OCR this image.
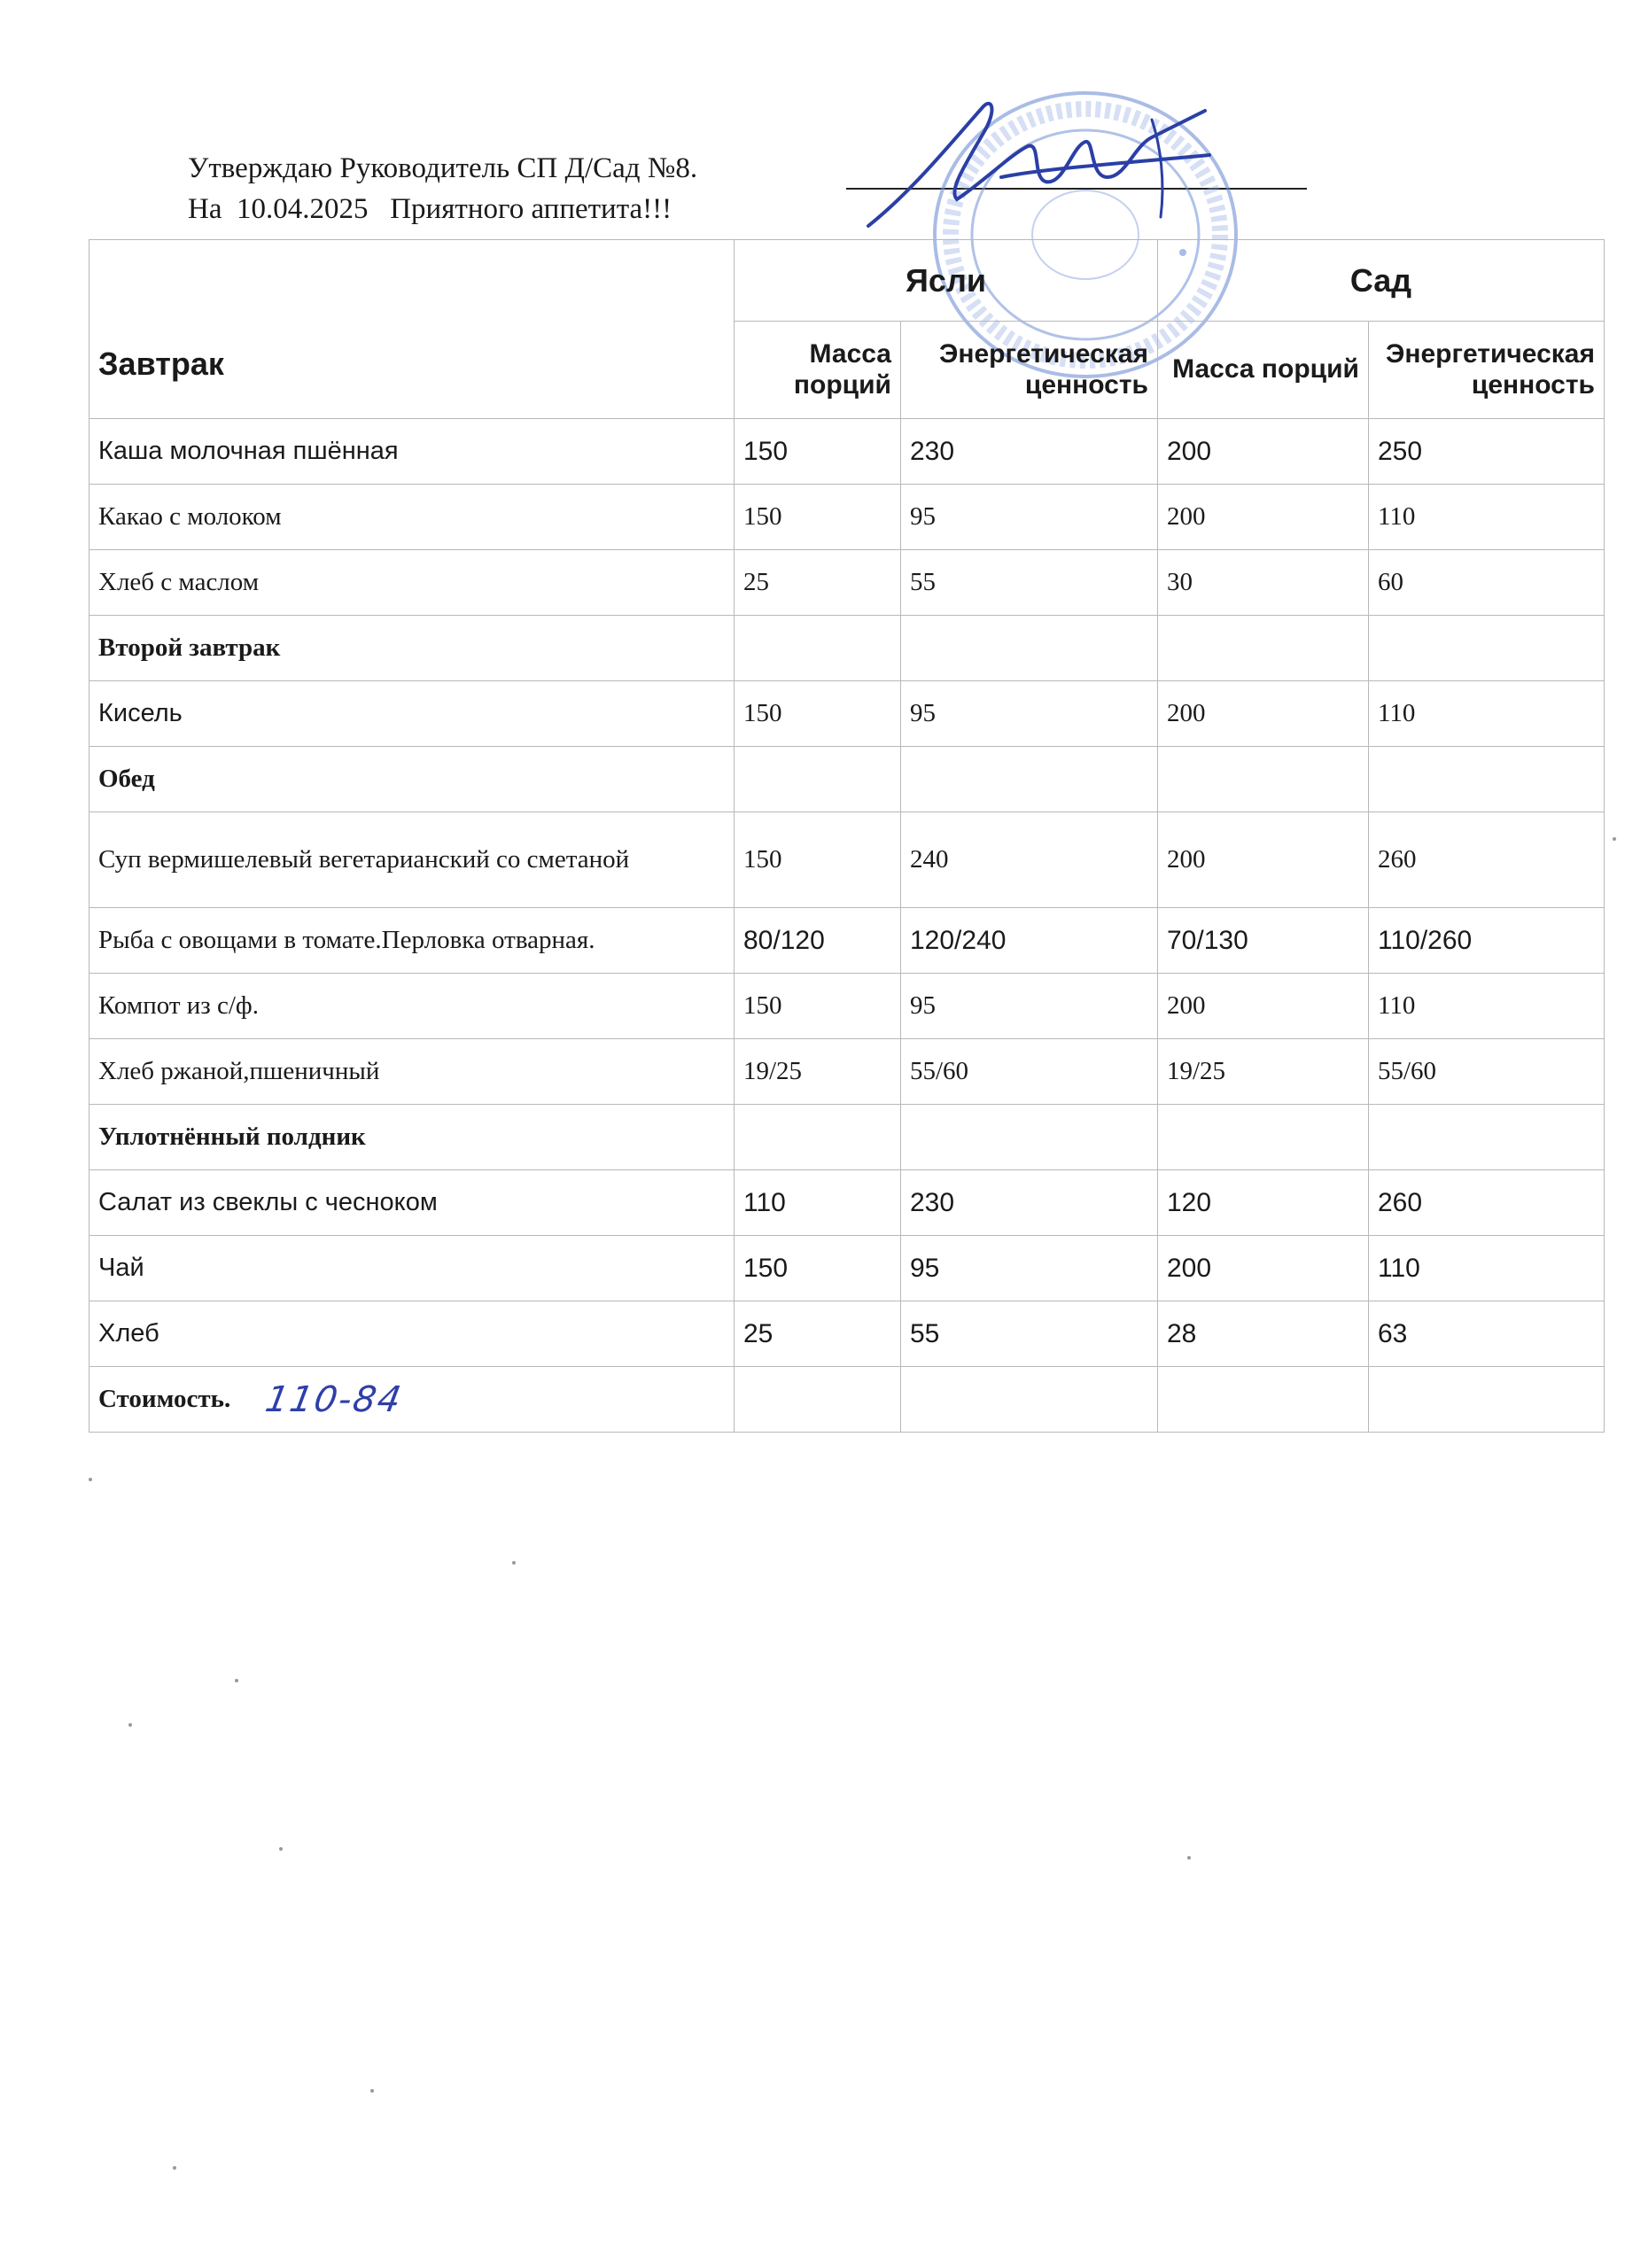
Утверждаю Руководитель СП Д/Сад №8.
На  10.04.2025   Приятного аппетита!!!
Завтрак	Ясли		Сад	
	Масса порций	Энергетическая ценность	Масса порций	Энергетическая ценность
Каша молочная пшённая	150	230	200	250
Какао с молоком	150	95	200	110
Хлеб с маслом	25	55	30	60
Второй завтрак				
Кисель	150	95	200	110
Обед				
Суп вермишелевый вегетарианский со сметаной	150	240	200	260
Рыба с овощами в томате.Перловка отварная.	80/120	120/240	70/130	110/260
Компот из с/ф.	150	95	200	110
Хлеб ржаной,пшеничный	19/25	55/60	19/25	55/60
Уплотнённый полдник				
Салат из свеклы с чесноком	110	230	120	260
Чай	150	95	200	110
Хлеб	25	55	28	63

Стоимость. 110-84				
